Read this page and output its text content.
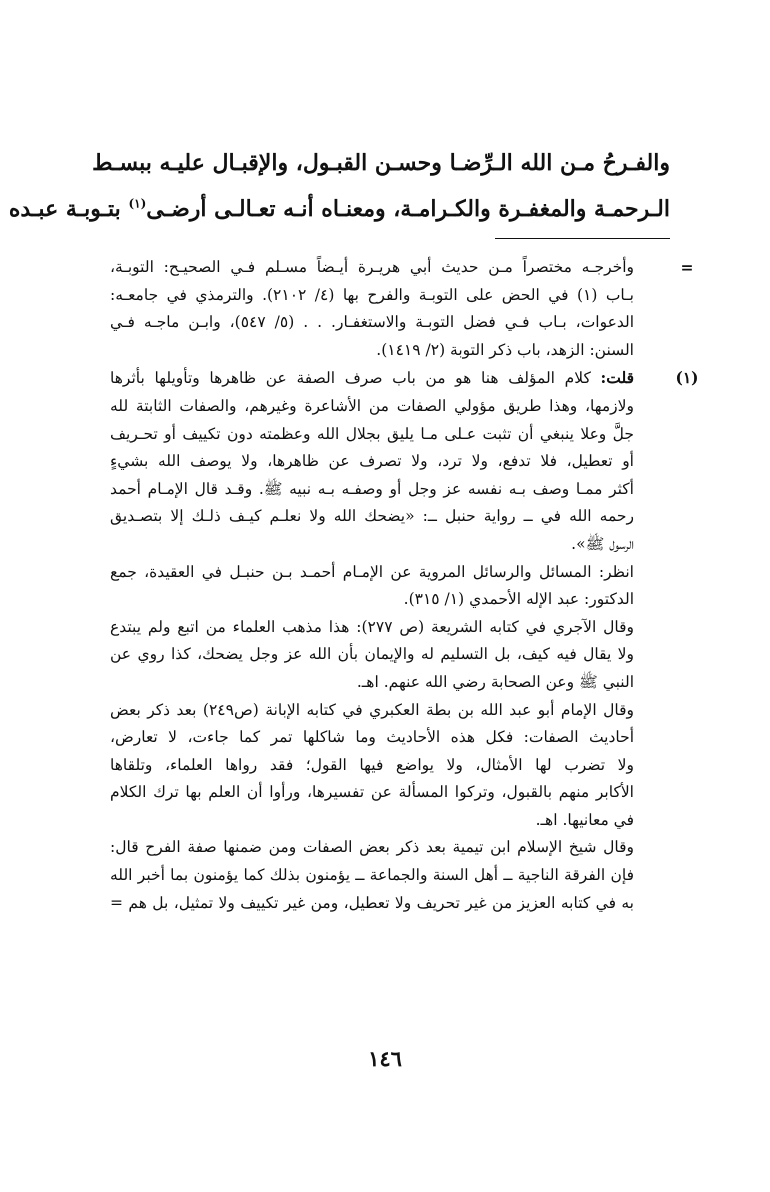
والفـرحُ مـن الله الـرِّضـا وحسـن القبـول، والإقبـال عليـه ببسـط
الـرحمـة والمغفـرة والكـرامـة، ومعنـاه أنـه تعـالـى أرضـى$^{(١)}$ بتـوبـة عبـده
=
وأخرجـه مختصراً مـن حديث أبي هريـرة أيـضاً مسـلم فـي الصحيـح: التوبـة،
بـاب (١) في الحض على التوبـة والفرح بها (٤/ ٢١٠٢). والترمذي في جامعـه:
الدعوات، بـاب فـي فضل التوبـة والاستغفـار. . . (٥/ ٥٤٧)، وابـن ماجـه فـي
السنن: الزهد، باب ذكر التوبة (٢/ ١٤١٩).
(١)
قلت: كلام المؤلف هنا هو من باب صرف الصفة عن ظاهرها وتأويلها بأثرها
ولازمها، وهذا طريق مؤولي الصفات من الأشاعرة وغيرهم، والصفات الثابتة لله
جلَّ وعلا ينبغي أن تثبت عـلى مـا يليق بجلال الله وعظمته دون تكييف أو تحـريف
أو تعطيل، فلا تدفع، ولا ترد، ولا تصرف عن ظاهرها، ولا يوصف الله بشيءٍ
أكثر ممـا وصف بـه نفسه عز وجل أو وصفـه بـه نبيه ﷺ. وقـد قال الإمـام أحمد
رحمه الله في ــ رواية حنبل ــ: «يضحك الله ولا نعلـم كيـف ذلـك إلا بتصـديق
الرسول ﷺ».
انظر: المسائل والرسائل المروية عن الإمـام أحمـد بـن حنبـل في العقيدة، جمع
الدكتور: عبد الإله الأحمدي (١/ ٣١٥).
وقال الآجري في كتابه الشريعة (ص ٢٧٧): هذا مذهب العلماء من اتبع ولم يبتدع
ولا يقال فيه كيف، بل التسليم له والإيمان بأن الله عز وجل يضحك، كذا روي عن
النبي ﷺ وعن الصحابة رضي الله عنهم. اهـ.
وقال الإمام أبو عبد الله بن بطة العكبري في كتابه الإبانة (ص٢٤٩) بعد ذكر بعض
أحاديث الصفات: فكل هذه الأحاديث وما شاكلها تمر كما جاءت، لا تعارض،
ولا تضرب لها الأمثال، ولا يواضع فيها القول؛ فقد رواها العلماء، وتلقاها
الأكابر منهم بالقبول، وتركوا المسألة عن تفسيرها، ورأوا أن العلم بها ترك الكلام
في معانيها. اهـ.
وقال شيخ الإسلام ابن تيمية بعد ذكر بعض الصفات ومن ضمنها صفة الفرح قال:
فإن الفرقة الناجية ــ أهل السنة والجماعة ــ يؤمنون بذلك كما يؤمنون بما أخبر الله
به في كتابه العزيز من غير تحريف ولا تعطيل، ومن غير تكييف ولا تمثيل، بل هم =
١٤٦
